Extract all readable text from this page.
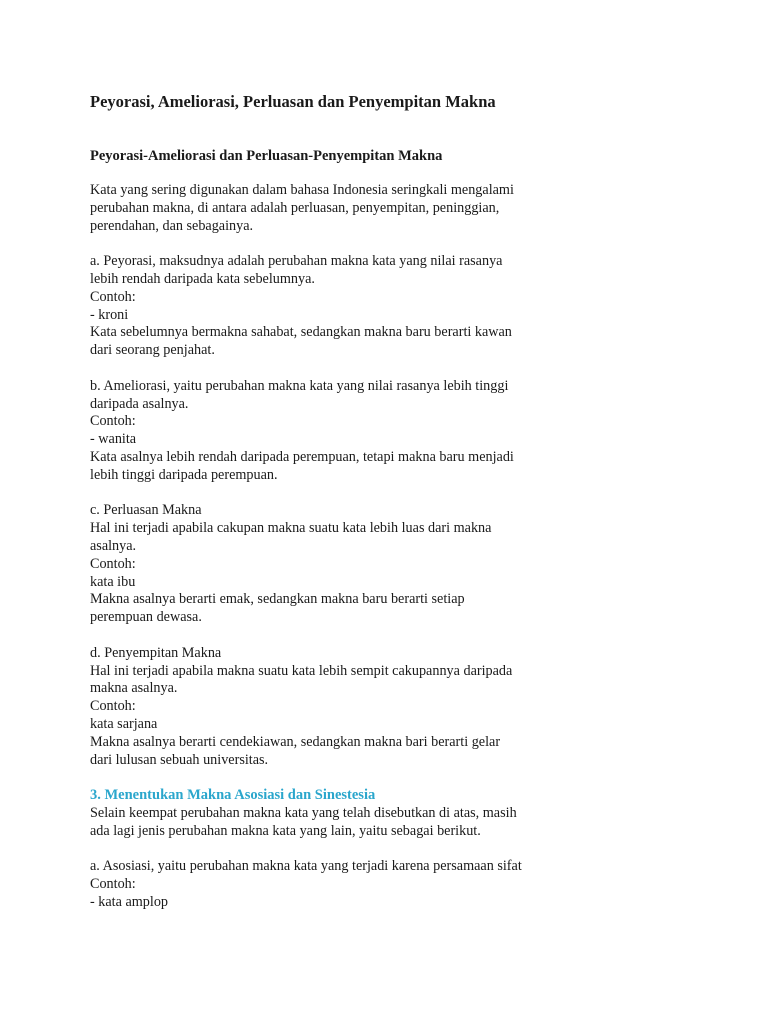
Peyorasi, Ameliorasi, Perluasan dan Penyempitan Makna
Peyorasi-Ameliorasi dan Perluasan-Penyempitan Makna

Kata yang sering digunakan dalam bahasa Indonesia seringkali mengalami
perubahan makna, di antara adalah perluasan, penyempitan, peninggian,
perendahan, dan sebagainya.

a. Peyorasi, maksudnya adalah perubahan makna kata yang nilai rasanya
lebih rendah daripada kata sebelumnya.
Contoh:
- kroni
Kata sebelumnya bermakna sahabat, sedangkan makna baru berarti kawan
dari seorang penjahat.

b. Ameliorasi, yaitu perubahan makna kata yang nilai rasanya lebih tinggi
daripada asalnya.
Contoh:
- wanita
Kata asalnya lebih rendah daripada perempuan, tetapi makna baru menjadi
lebih tinggi daripada perempuan.

c. Perluasan Makna
Hal ini terjadi apabila cakupan makna suatu kata lebih luas dari makna
asalnya.
Contoh:
kata ibu
Makna asalnya berarti emak, sedangkan makna baru berarti setiap
perempuan dewasa.

d. Penyempitan Makna
Hal ini terjadi apabila makna suatu kata lebih sempit cakupannya daripada
makna asalnya.
Contoh:
kata sarjana
Makna asalnya berarti cendekiawan, sedangkan makna bari berarti gelar
dari lulusan sebuah universitas.

3. Menentukan Makna Asosiasi dan Sinestesia
Selain keempat perubahan makna kata yang telah disebutkan di atas, masih
ada lagi jenis perubahan makna kata yang lain, yaitu sebagai berikut.

a. Asosiasi, yaitu perubahan makna kata yang terjadi karena persamaan sifat
Contoh:
- kata amplop
